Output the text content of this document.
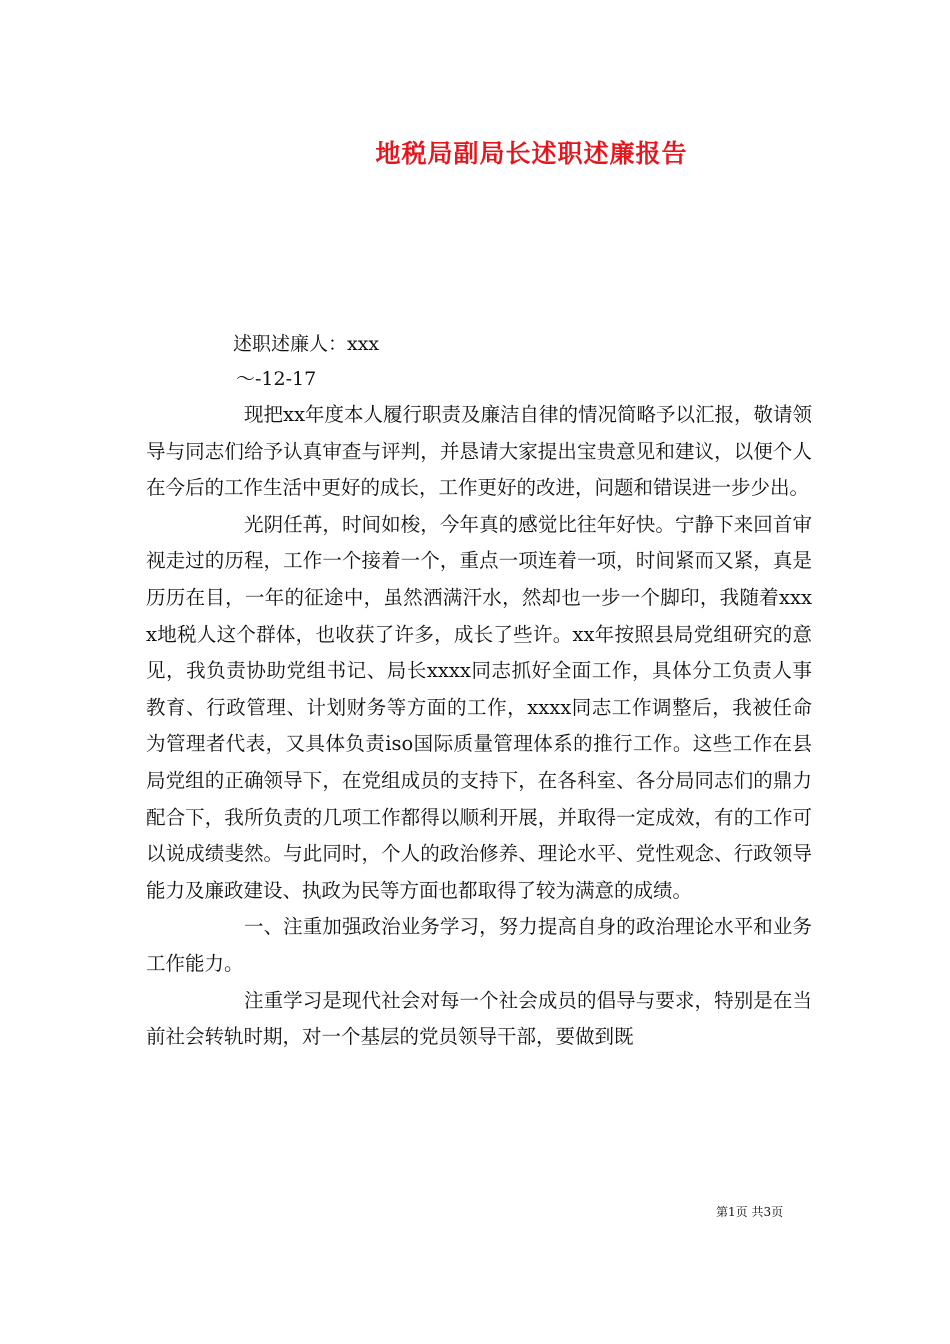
地税局副局长述职述廉报告

述职述廉人：xxx

～-12-17

现把xx年度本人履行职责及廉洁自律的情况简略予以汇报，敬请领导与同志们给予认真审查与评判，并恳请大家提出宝贵意见和建议，以便个人在今后的工作生活中更好的成长，工作更好的改进，问题和错误进一步少出。

光阴任苒，时间如梭，今年真的感觉比往年好快。宁静下来回首审视走过的历程，工作一个接着一个，重点一项连着一项，时间紧而又紧，真是历历在目，一年的征途中，虽然洒满汗水，然却也一步一个脚印，我随着xxxx地税人这个群体，也收获了许多，成长了些许。xx年按照县局党组研究的意见，我负责协助党组书记、局长xxxx同志抓好全面工作，具体分工负责人事教育、行政管理、计划财务等方面的工作，xxxx同志工作调整后，我被任命为管理者代表，又具体负责iso国际质量管理体系的推行工作。这些工作在县局党组的正确领导下，在党组成员的支持下，在各科室、各分局同志们的鼎力配合下，我所负责的几项工作都得以顺利开展，并取得一定成效，有的工作可以说成绩斐然。与此同时，个人的政治修养、理论水平、党性观念、行政领导能力及廉政建设、执政为民等方面也都取得了较为满意的成绩。

一、注重加强政治业务学习，努力提高自身的政治理论水平和业务工作能力。

注重学习是现代社会对每一个社会成员的倡导与要求，特别是在当前社会转轨时期，对一个基层的党员领导干部，要做到既

第1页 共3页
